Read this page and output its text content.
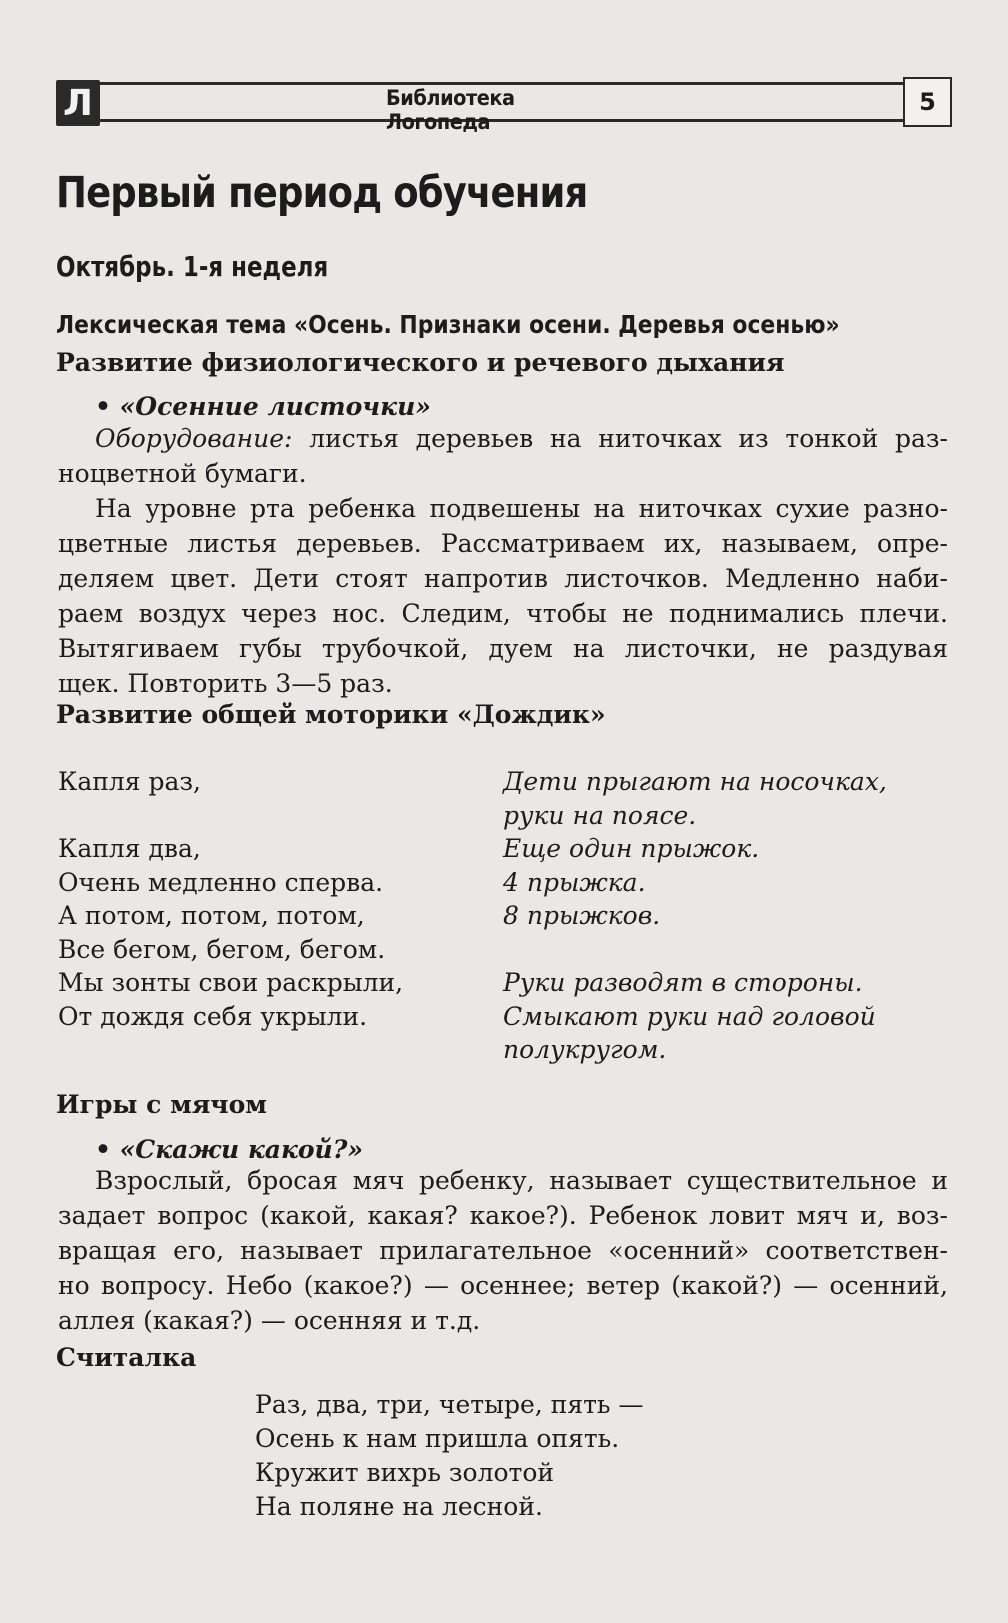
Л	Библиотека Логопеда
5
Первый период обучения
Октябрь. 1-я неделя
Лексическая тема «Осень. Признаки осени. Деревья осенью»
Развитие физиологического и речевого дыхания
• «Осенние листочки»
Оборудование: листья деревьев на ниточках из тонкой раз-
ноцветной бумаги.
На уровне рта ребенка подвешены на ниточках сухие разно-
цветные листья деревьев. Рассматриваем их, называем, опре-
деляем цвет. Дети стоят напротив листочков. Медленно наби-
раем воздух через нос. Следим, чтобы не поднимались плечи.
Вытягиваем губы трубочкой, дуем на листочки, не раздувая
щек. Повторить 3—5 раз.
Развитие общей моторики «Дождик»
Капля раз,
Капля два,
Очень медленно сперва.
А потом, потом, потом,
Все бегом, бегом, бегом.
Мы зонты свои раскрыли,
От дождя себя укрыли.
Дети прыгают на носочках,
руки на поясе.
Еще один прыжок.
4 прыжка.
8 прыжков.
Руки разводят в стороны.
Смыкают руки над головой
полукругом.
Игры с мячом
• «Скажи какой?»
Взрослый, бросая мяч ребенку, называет существительное и
задает вопрос (какой, какая? какое?). Ребенок ловит мяч и, воз-
вращая его, называет прилагательное «осенний» соответствен-
но вопросу. Небо (какое?) — осеннее; ветер (какой?) — осенний,
аллея (какая?) — осенняя и т.д.
Считалка
Раз, два, три, четыре, пять —
Осень к нам пришла опять.
Кружит вихрь золотой
На поляне на лесной.
